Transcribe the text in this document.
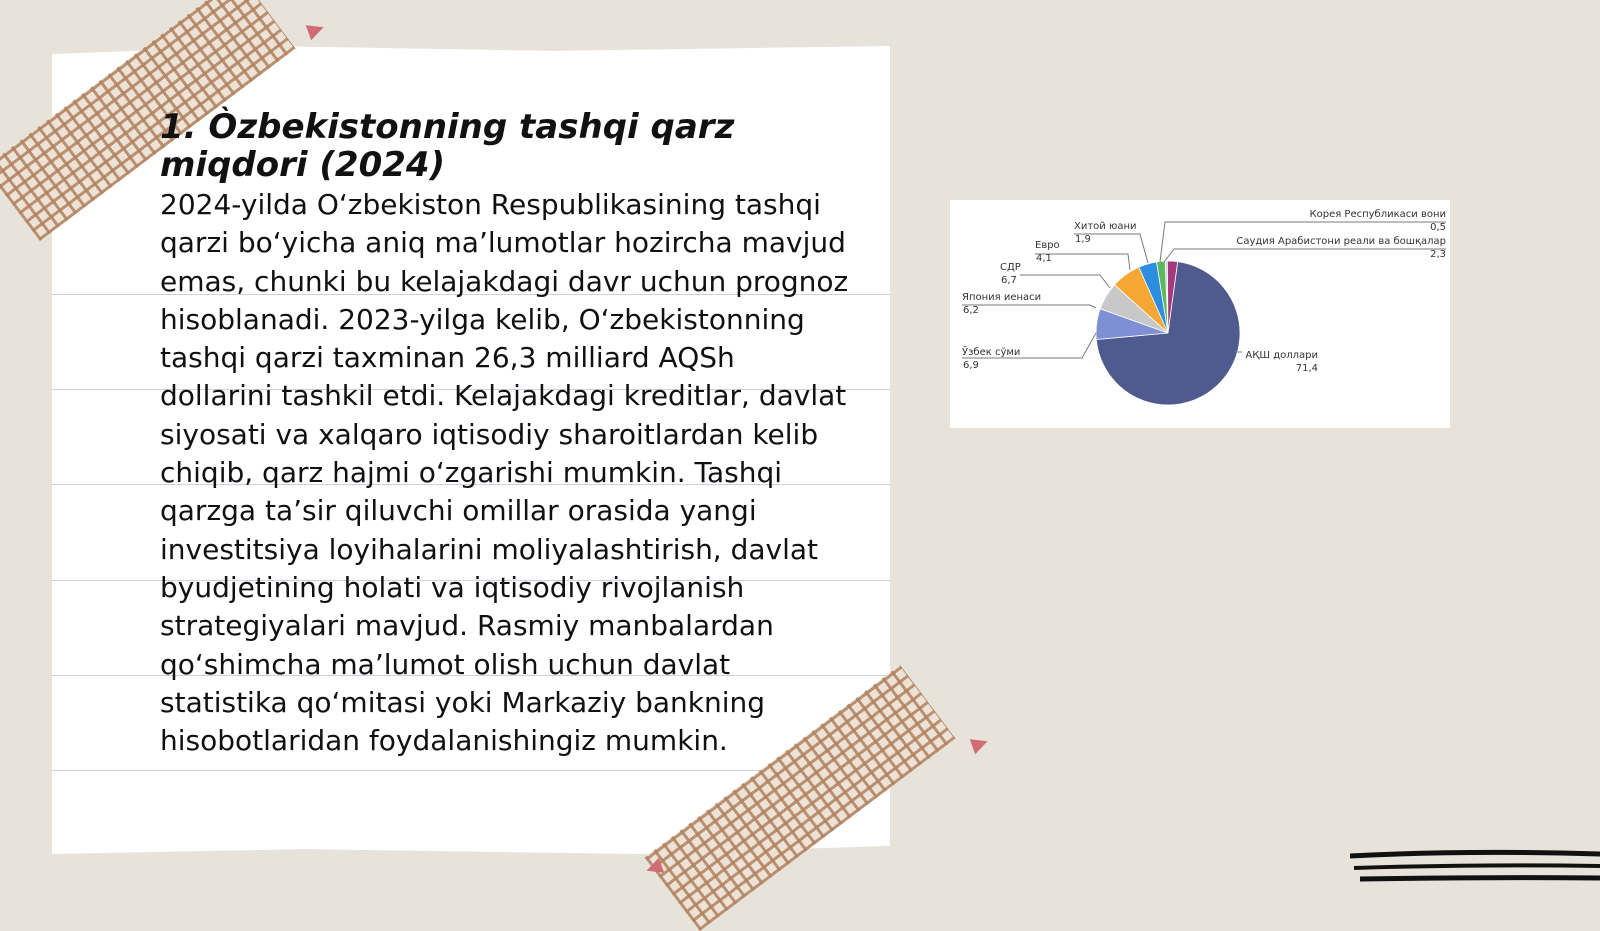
1. Òzbekistonning tashqi qarz miqdori (2024)

2024-yilda O‘zbekiston Respublikasining tashqi qarzi bo‘yicha aniq ma’lumotlar hozircha mavjud emas, chunki bu kelajakdagi davr uchun prognoz hisoblanadi. 2023-yilga kelib, O‘zbekistonning tashqi qarzi taxminan 26,3 milliard AQSh dollarini tashkil etdi. Kelajakdagi kreditlar, davlat siyosati va xalqaro iqtisodiy sharoitlardan kelib chiqib, qarz hajmi o‘zgarishi mumkin. Tashqi qarzga ta’sir qiluvchi omillar orasida yangi investitsiya loyihalarini moliyalashtirish, davlat byudjetining holati va iqtisodiy rivojlanish strategiyalari mavjud. Rasmiy manbalardan qo‘shimcha ma’lumot olish uchun davlat statistika qo‘mitasi yoki Markaziy bankning hisobotlaridan foydalanishingiz mumkin.

Корея Республикаси вони
0,5
Саудия Арабистони реали ва бошқалар
2,3
АҚШ доллари
71,4
Ўзбек сўми
6,9
Япония иенаси
6,2
СДР
6,7
Евро
4,1
Хитой юани
1,9
